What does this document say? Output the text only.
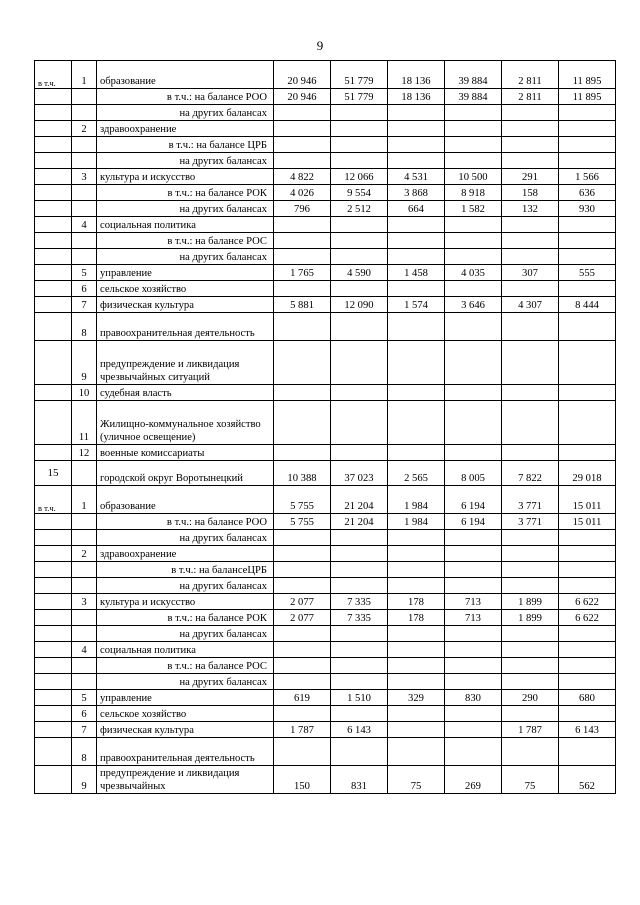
9
в т.ч.	1	образование	20 946	51 779	18 136	39 884	2 811	11 895
		в т.ч.: на балансе РОО	20 946	51 779	18 136	39 884	2 811	11 895
		на других балансах						
	2	здравоохранение						
		в т.ч.: на балансе ЦРБ						
		на других балансах						
	3	культура и искусство	4 822	12 066	4 531	10 500	291	1 566
		в т.ч.: на балансе РОК	4 026	9 554	3 868	8 918	158	636
		на других балансах	796	2 512	664	1 582	132	930
	4	социальная политика						
		в т.ч.: на балансе РОС						
		на других балансах						
	5	управление	1 765	4 590	1 458	4 035	307	555
	6	сельское хозяйство						
	7	физическая культура	5 881	12 090	1 574	3 646	4 307	8 444
	8	правоохранительная деятельность						
	9	предупреждение и ликвидация чрезвычайных ситуаций						
	10	судебная власть						
	11	Жилищно-коммунальное хозяйство (уличное освещение)						
	12	военные комиссариаты						
15		городской округ Воротынецкий	10 388	37 023	2 565	8 005	7 822	29 018
в т.ч.	1	образование	5 755	21 204	1 984	6 194	3 771	15 011
		в т.ч.: на балансе РОО	5 755	21 204	1 984	6 194	3 771	15 011
		на других балансах						
	2	здравоохранение						
		в т.ч.: на балансеЦРБ						
		на других балансах						
	3	культура и искусство	2 077	7 335	178	713	1 899	6 622
		в т.ч.: на балансе РОК	2 077	7 335	178	713	1 899	6 622
		на других балансах						
	4	социальная политика						
		в т.ч.: на балансе РОС						
		на других балансах						
	5	управление	619	1 510	329	830	290	680
	6	сельское хозяйство						
	7	физическая культура	1 787	6 143			1 787	6 143
	8	правоохранительная деятельность						
	9	предупреждение и ликвидация чрезвычайных	150	831	75	269	75	562
